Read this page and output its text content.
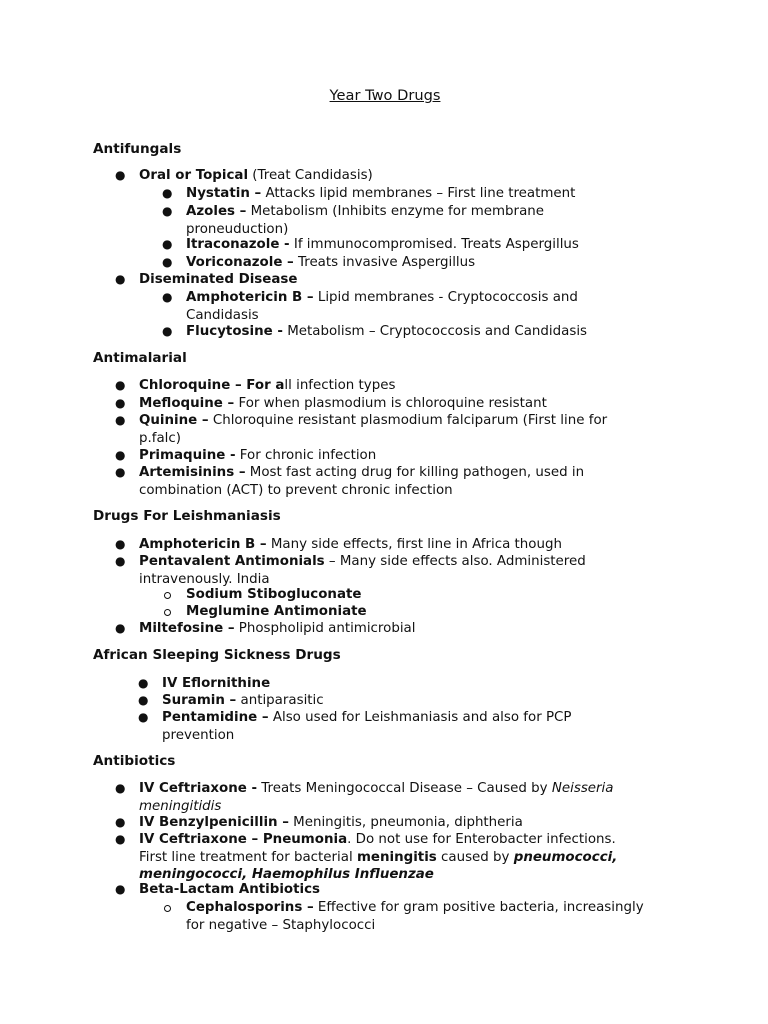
Year Two Drugs
Antifungals
● Oral or Topical (Treat Candidasis)
● Nystatin – Attacks lipid membranes – First line treatment
● Azoles – Metabolism (Inhibits enzyme for membrane
proneuduction)
● Itraconazole - If immunocompromised. Treats Aspergillus
● Voriconazole – Treats invasive Aspergillus
● Diseminated Disease
● Amphotericin B – Lipid membranes - Cryptococcosis and
Candidasis
● Flucytosine - Metabolism – Cryptococcosis and Candidasis
Antimalarial
● Chloroquine – For all infection types
● Mefloquine – For when plasmodium is chloroquine resistant
● Quinine – Chloroquine resistant plasmodium falciparum (First line for
p.falc)
● Primaquine - For chronic infection
● Artemisinins – Most fast acting drug for killing pathogen, used in
combination (ACT) to prevent chronic infection
Drugs For Leishmaniasis
● Amphotericin B – Many side effects, first line in Africa though
● Pentavalent Antimonials – Many side effects also. Administered
intravenously. India
Sodium Stibogluconate
Meglumine Antimoniate
● Miltefosine – Phospholipid antimicrobial
African Sleeping Sickness Drugs
● IV Eflornithine
● Suramin – antiparasitic
● Pentamidine – Also used for Leishmaniasis and also for PCP
prevention
Antibiotics
● IV Ceftriaxone - Treats Meningococcal Disease – Caused by Neisseria
meningitidis
● IV Benzylpenicillin – Meningitis, pneumonia, diphtheria
● IV Ceftriaxone – Pneumonia. Do not use for Enterobacter infections.
First line treatment for bacterial meningitis caused by pneumococci,
meningococci, Haemophilus Influenzae
● Beta-Lactam Antibiotics
Cephalosporins – Effective for gram positive bacteria, increasingly
for negative – Staphylococci
